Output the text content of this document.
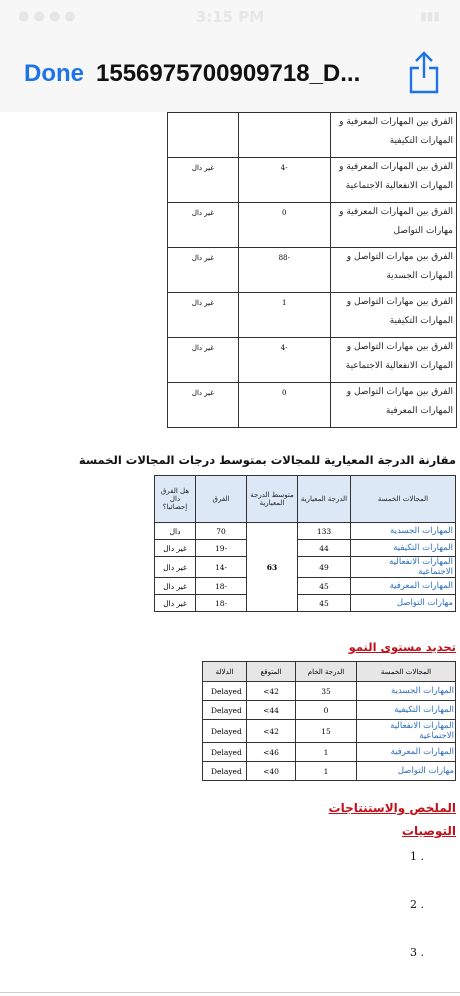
● ● ● ●	3:15 PM	▮▮▮
Done 1556975700909718_D...
الفرق بين المهارات المعرفية و المهارات التكيفية		
الفرق بين المهارات المعرفية و المهارات الانفعالية الاجتماعية	-4	غير دال
الفرق بين المهارات المعرفية و مهارات التواصل	0	غير دال
الفرق بين مهارات التواصل و المهارات الجسدية	-88	غير دال
الفرق بين مهارات التواصل و المهارات التكيفية	1	غير دال
الفرق بين مهارات التواصل و المهارات الانفعالية الاجتماعية	-4	غير دال
الفرق بين مهارات التواصل و المهارات المعرفية	0	غير دال
مقارنة الدرجة المعيارية للمجالات بمتوسط درجات المجالات الخمسة
المجالات الخمسة	الدرجة المعيارية	متوسط الدرجة المعيارية	الفرق	هل الفرق دال إحصائيا؟
المهارات الجسدية	133	63	70	دال
المهارات التكيفية	44		-19	غير دال
المهارات الانفعالية الاجتماعية	49		-14	غير دال
المهارات المعرفية	45		-18	غير دال
مهارات التواصل	45		-18	غير دال
تحديد مستوى النمو
المجالات الخمسة	الدرجة الخام	المتوقع	الدلالة
المهارات الجسدية	35	42>	Delayed
المهارات التكيفية	0	44>	Delayed
المهارات الانفعالية الاجتماعية	15	42>	Delayed
المهارات المعرفية	1	46>	Delayed
مهارات التواصل	1	40>	Delayed
الملخص والاستنتاجات
التوصيات
1 .
2 .
3 .
